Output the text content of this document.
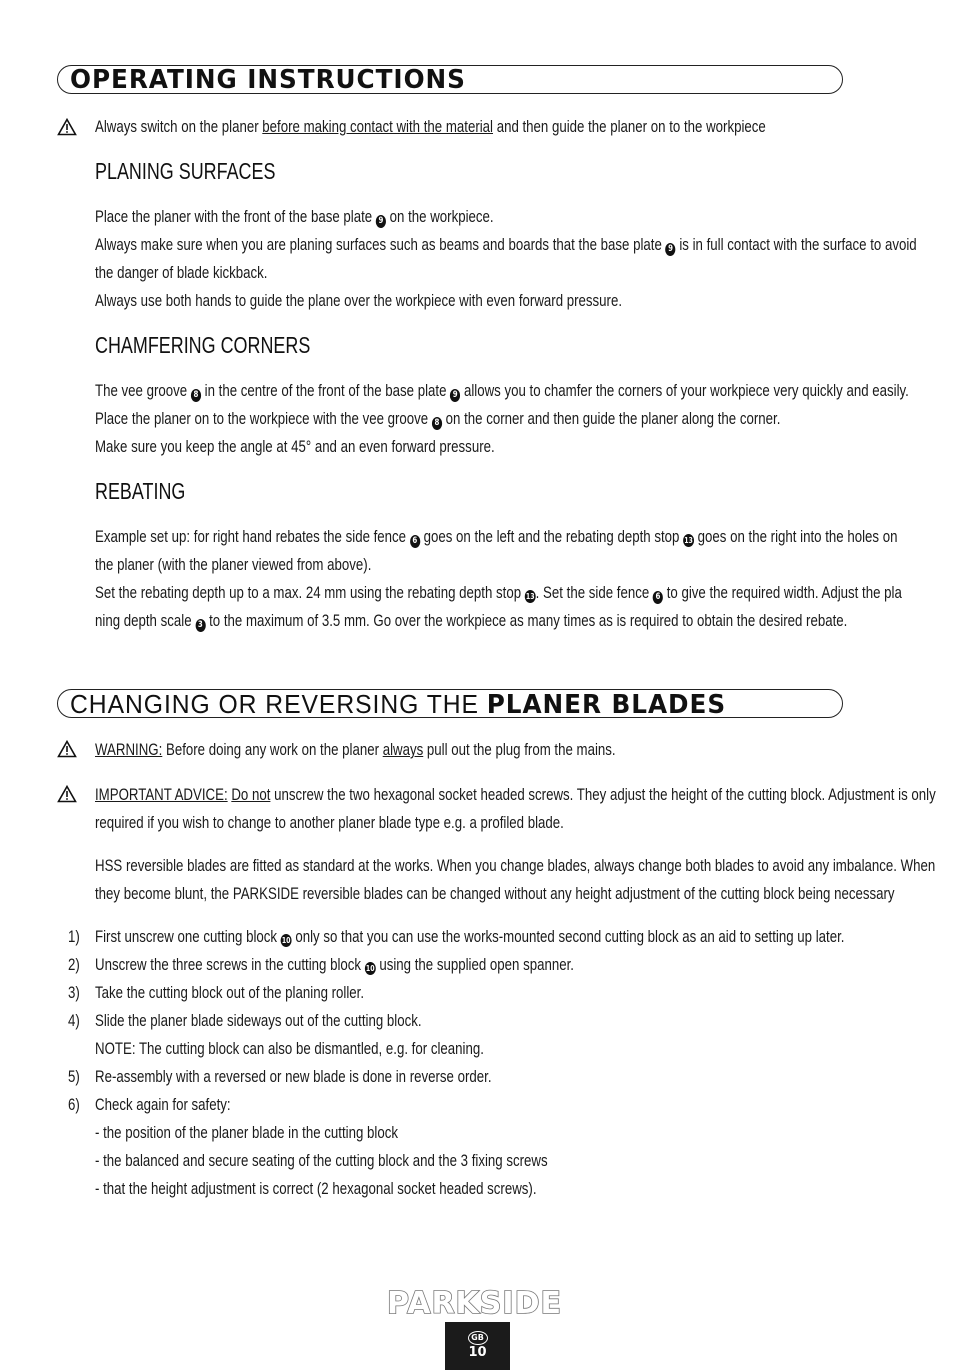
OPERATING INSTRUCTIONS
Always switch on the planer before making contact with the material and then guide the planer on to the workpiece
PLANING SURFACES
Place the planer with the front of the base plate 9 on the workpiece.
Always make sure when you are planing surfaces such as beams and boards that the base plate 9 is in full contact with the surface to avoid
the danger of blade kickback.
Always use both hands to guide the plane over the workpiece with even forward pressure.
CHAMFERING CORNERS
The vee groove 8 in the centre of the front of the base plate 9 allows you to chamfer the corners of your workpiece very quickly and easily.
Place the planer on to the workpiece with the vee groove 8 on the corner and then guide the planer along the corner.
Make sure you keep the angle at 45° and an even forward pressure.
REBATING
Example set up: for right hand rebates the side fence 6 goes on the left and the rebating depth stop 13 goes on the right into the holes on
the planer (with the planer viewed from above).
Set the rebating depth up to a max. 24 mm using the rebating depth stop 13. Set the side fence 6 to give the required width. Adjust the pla
ning depth scale 3 to the maximum of 3.5 mm. Go over the workpiece as many times as is required to obtain the desired rebate.
CHANGING OR REVERSING THE PLANER BLADES
WARNING: Before doing any work on the planer always pull out the plug from the mains.
IMPORTANT ADVICE: Do not unscrew the two hexagonal socket headed screws. They adjust the height of the cutting block. Adjustment is only
required if you wish to change to another planer blade type e.g. a profiled blade.
HSS reversible blades are fitted as standard at the works. When you change blades, always change both blades to avoid any imbalance. When
they become blunt, the PARKSIDE reversible blades can be changed without any height adjustment of the cutting block being necessary
1) First unscrew one cutting block 10 only so that you can use the works-mounted second cutting block as an aid to setting up later.
2) Unscrew the three screws in the cutting block 10 using the supplied open spanner.
3) Take the cutting block out of the planing roller.
4) Slide the planer blade sideways out of the cutting block.
NOTE: The cutting block can also be dismantled, e.g. for cleaning.
5) Re-assembly with a reversed or new blade is done in reverse order.
6) Check again for safety:
- the position of the planer blade in the cutting block
- the balanced and secure seating of the cutting block and the 3 fixing screws
- that the height adjustment is correct (2 hexagonal socket headed screws).
PARKSIDE
GB
10
